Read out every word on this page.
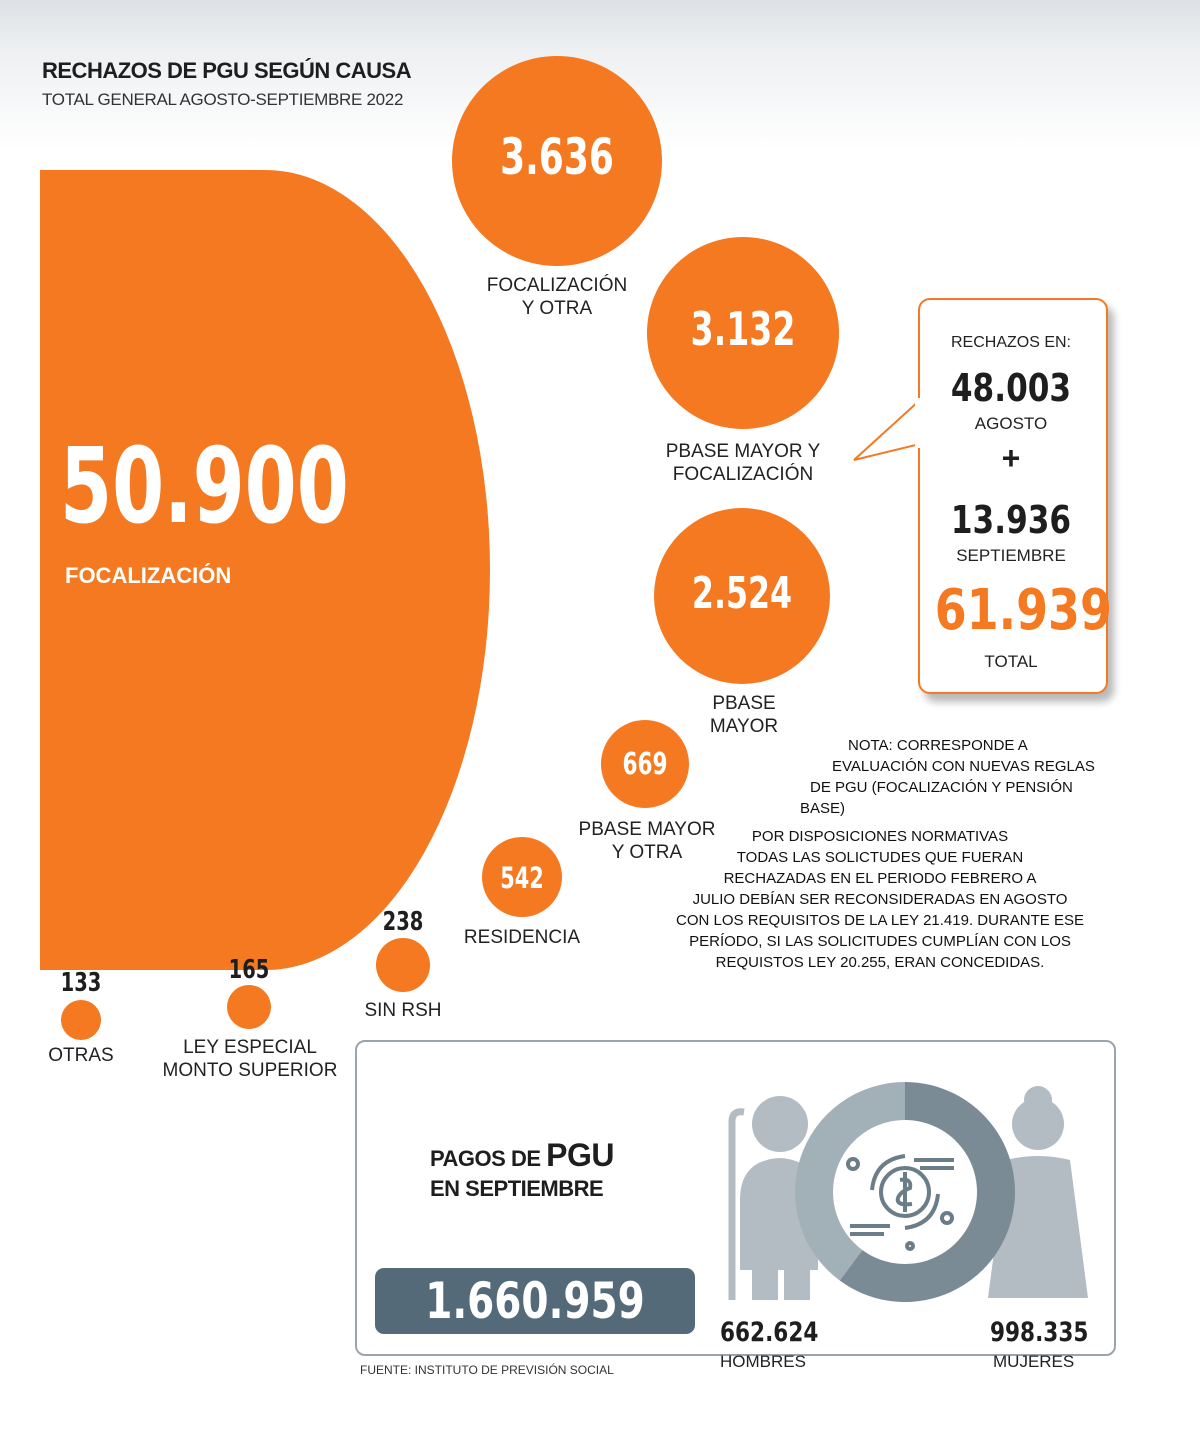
RECHAZOS DE PGU SEGÚN CAUSA
TOTAL GENERAL AGOSTO-SEPTIEMBRE 2022
50.900
FOCALIZACIÓN
3.636
FOCALIZACIÓN
Y OTRA	3.132
PBASE MAYOR Y
FOCALIZACIÓN
2.524
PBASE
MAYOR
669
PBASE MAYOR
Y OTRA
542
RESIDENCIA
238
SIN RSH
165
LEY ESPECIAL
MONTO SUPERIOR
133
OTRAS
RECHAZOS EN:
48.003
AGOSTO
+
13.936
SEPTIEMBRE
61.939
TOTAL
NOTA: CORRESPONDE A
EVALUACIÓN CON NUEVAS REGLAS
DE PGU (FOCALIZACIÓN Y PENSIÓN
BASE)
POR DISPOSICIONES NORMATIVAS
TODAS LAS SOLICTUDES QUE FUERAN
RECHAZADAS EN EL PERIODO FEBRERO A
JULIO DEBÍAN SER RECONSIDERADAS EN AGOSTO
CON LOS REQUISITOS DE LA LEY 21.419. DURANTE ESE
PERÍODO, SI LAS SOLICITUDES CUMPLÍAN CON LOS
REQUISTOS LEY 20.255, ERAN CONCEDIDAS.
PAGOS DE PGU
EN SEPTIEMBRE
1.660.959
662.624
HOMBRES
998.335
MUJERES
FUENTE: INSTITUTO DE PREVISIÓN SOCIAL
